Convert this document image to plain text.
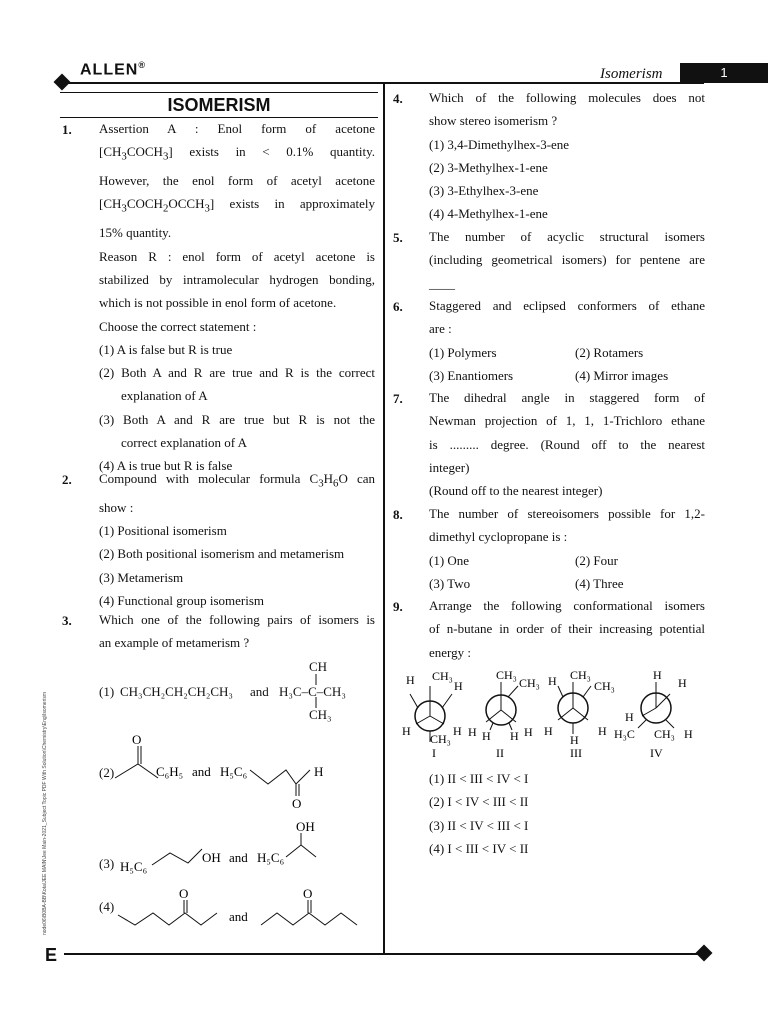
ALLEN®
Isomerism	1
ISOMERISM
1. Assertion A : Enol form of acetone
$[CH_3COCH_3]$ exists in < 0.1% quantity.
However, the enol form of acetyl acetone
$[CH_3COCH_2OCCH_3]$ exists in approximately
15% quantity.
Reason R : enol form of acetyl acetone is
stabilized by intramolecular hydrogen bonding,
which is not possible in enol form of acetone.
Choose the correct statement :
(1) A is false but R is true
(2) Both A and R are true and R is the correct
explanation of A
(3) Both A and R are true but R is not the
correct explanation of A
(4) A is true but R is false
2. Compound with molecular formula $C_3H_6O$ can
show :
(1) Positional isomerism
(2) Both positional isomerism and metamerism
(3) Metamerism
(4) Functional group isomerism
3. Which one of the following pairs of isomers is
an example of metamerism ?
(1) CH₃CH₂CH₂CH₂CH₃ and
CH
H₃C–C–CH₃
CH₃
(2)
O
C₆H₅ and H₅C₆
O
H
(3) H₅C₆
OH and H₅C₆
OH
(4)
O
and
O
4. Which of the following molecules does not
show stereo isomerism ?
(1) 3,4-Dimethylhex-3-ene
(2) 3-Methylhex-1-ene
(3) 3-Ethylhex-3-ene
(4) 4-Methylhex-1-ene
5. The number of acyclic structural isomers
(including geometrical isomers) for pentene are
____
6. Staggered and eclipsed conformers of ethane
are :
(1) Polymers	(2) Rotamers
(3) Enantiomers	(4) Mirror images
7. The dihedral angle in staggered form of
Newman projection of 1, 1, 1-Trichloro ethane
is ......... degree. (Round off to the nearest
integer)
(Round off to the nearest integer)
8. The number of stereoisomers possible for 1,2-
dimethyl cyclopropane is :
(1) One	(2) Four
(3) Two	(4) Three
9. Arrange the following conformational isomers
of n-butane in order of their increasing potential
energy :
CH₃
H	H
H	H
CH₃
I
CH₃
CH₃
H H H H
II
H CH₃
CH₃
H	H
H
III
H
H
H
H₃C CH₃ H
IV
(1) II < III < IV < I
(2) I < IV < III < II
(3) II < IV < III < I
(4) I < III < IV < II
node06\B0BA-BB\Kota\JEE MAIN\Jee Main-2021_Subject Topic PDF With Solution\Chemistry\Eng\Isomerism
E
